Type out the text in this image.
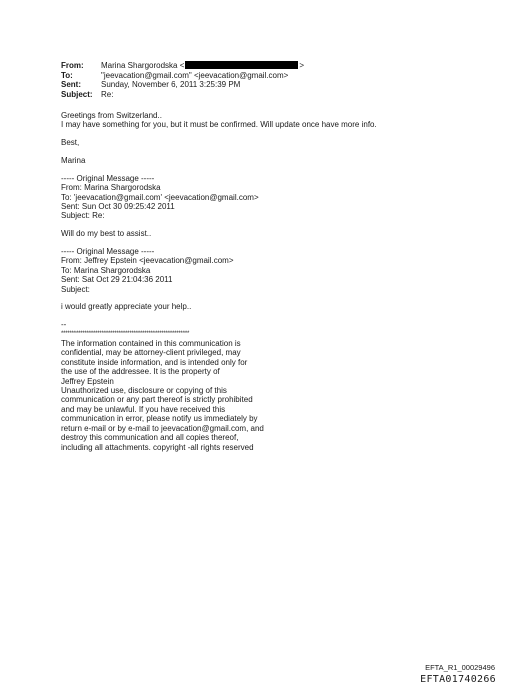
From:	Marina Shargorodska <	>
To:	"jeevacation@gmail.com" <jeevacation@gmail.com>
Sent:	Sunday, November 6, 2011 3:25:39 PM
Subject:	Re:
Greetings from Switzerland..
I may have something for you, but it must be confirmed. Will update once have more info.
Best,
Marina
----- Original Message -----
From: Marina Shargorodska
To: 'jeevacation@gmail.com' <jeevacation@gmail.com>
Sent: Sun Oct 30 09:25:42 2011
Subject: Re:
Will do my best to assist..
----- Original Message -----
From: Jeffrey Epstein <jeevacation@gmail.com>
To: Marina Shargorodska
Sent: Sat Oct 29 21:04:36 2011
Subject:
i would greatly appreciate your help..
--
************************************************************
The information contained in this communication is
confidential, may be attorney-client privileged, may
constitute inside information, and is intended only for
the use of the addressee. It is the property of
Jeffrey Epstein
Unauthorized use, disclosure or copying of this
communication or any part thereof is strictly prohibited
and may be unlawful. If you have received this
communication in error, please notify us immediately by
return e-mail or by e-mail to jeevacation@gmail.com, and
destroy this communication and all copies thereof,
including all attachments. copyright -all rights reserved
EFTA_R1_00029496
EFTA01740266
